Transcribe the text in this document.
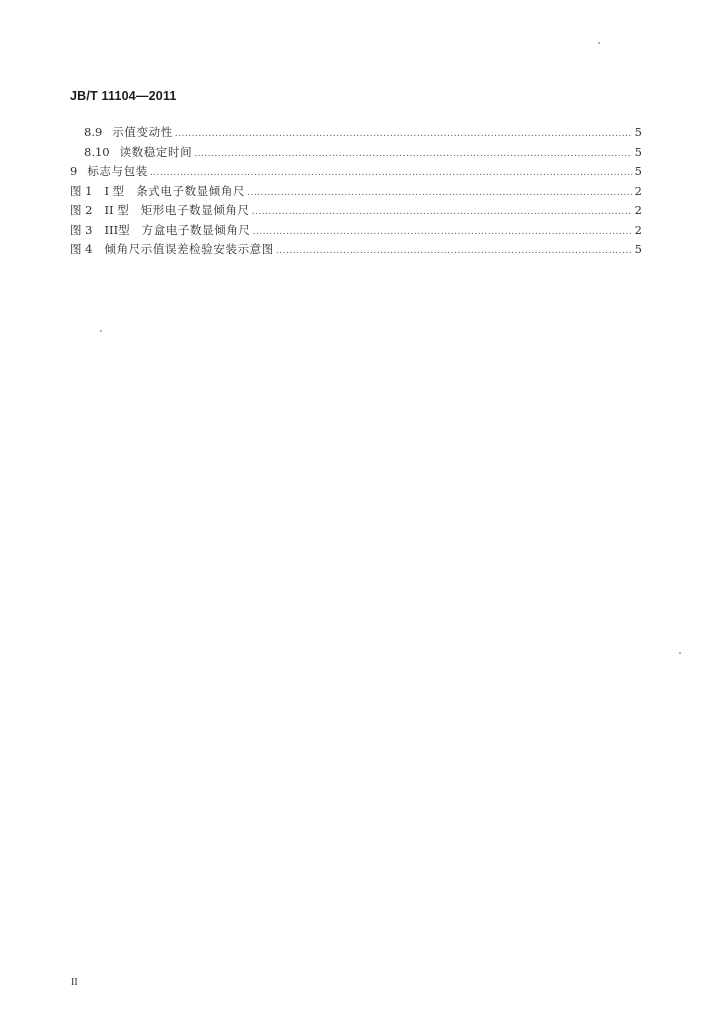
JB/T 11104—2011
8.9 示值变动性 .....	5
8.10 读数稳定时间 .....	5
9 标志与包装 .....	5
图 1 I 型 条式电子数显倾角尺 .....	2
图 2 II 型 矩形电子数显倾角尺 .....	2
图 3 III型 方盒电子数显倾角尺 .....	2
图 4 倾角尺示值误差检验安装示意图 .....	5
II
